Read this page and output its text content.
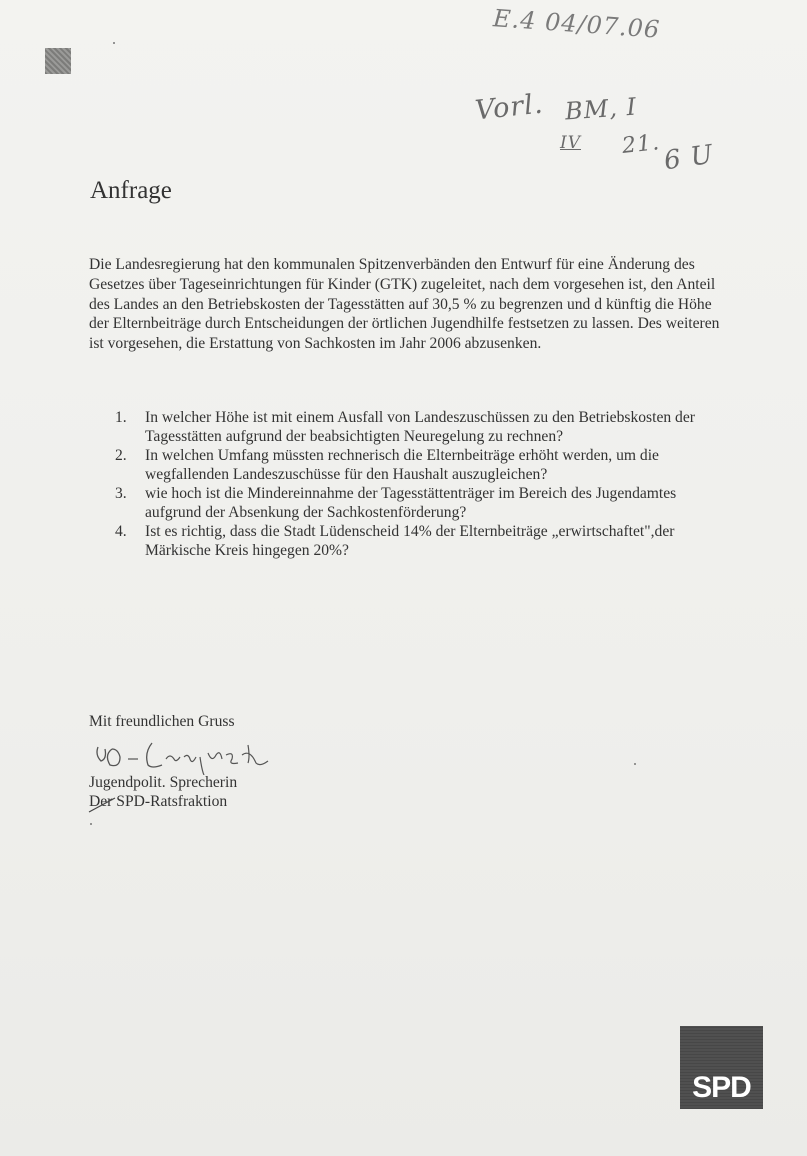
E.4 04/07.06
Vorl. BM, I
IV 21. 6 U
Anfrage

Die Landesregierung hat den kommunalen Spitzenverbänden den Entwurf für eine Änderung des Gesetzes über Tageseinrichtungen für Kinder (GTK) zugeleitet, nach dem vorgesehen ist, den Anteil des Landes an den Betriebskosten der Tagesstätten auf 30,5 % zu begrenzen und d künftig die Höhe der Elternbeiträge durch Entscheidungen der örtlichen Jugendhilfe festsetzen zu lassen. Des weiteren ist vorgesehen, die Erstattung von Sachkosten im Jahr 2006 abzusenken.

1.	In welcher Höhe ist mit einem Ausfall von Landeszuschüssen zu den Betriebskosten der Tagesstätten aufgrund der beabsichtigten Neuregelung zu rechnen?
2.	In welchen Umfang müssten rechnerisch die Elternbeiträge erhöht werden, um die wegfallenden Landeszuschüsse für den Haushalt auszugleichen?
3.	wie hoch ist die Mindereinnahme der Tagesstättenträger im Bereich des Jugendamtes aufgrund der Absenkung der Sachkostenförderung?
4.	Ist es richtig, dass die Stadt Lüdenscheid 14% der Elternbeiträge „erwirtschaftet",der Märkische Kreis hingegen 20%?
Mit freundlichen Gruss
Jugendpolit. Sprecherin
Der SPD-Ratsfraktion
SPD
